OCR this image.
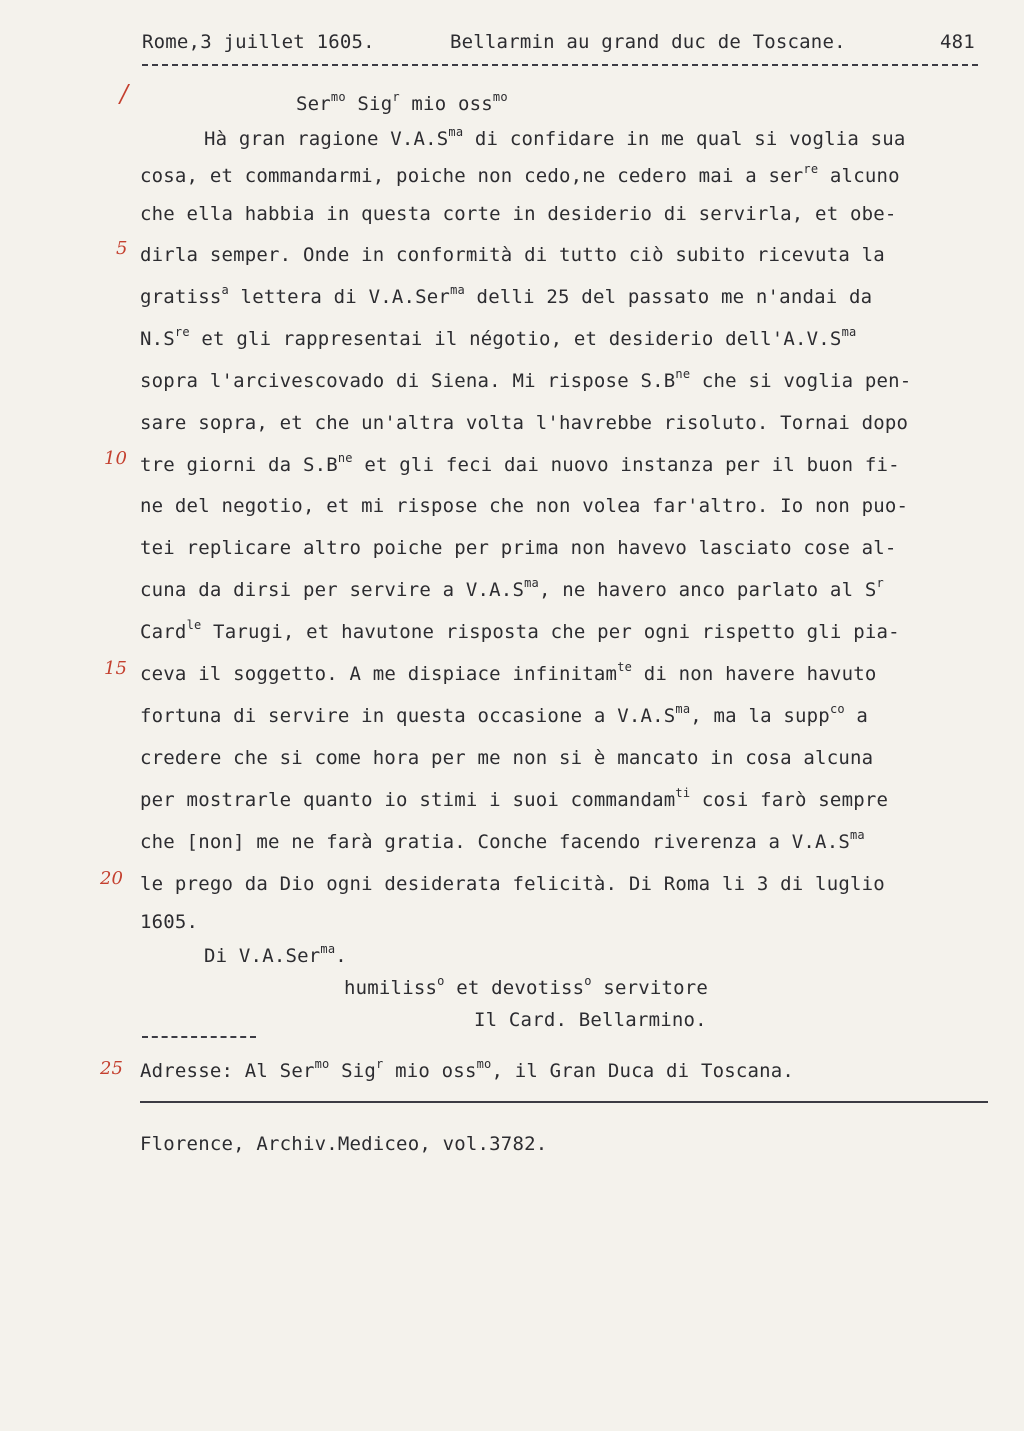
Rome,3 juillet 1605.	Bellarmin au grand duc de Toscane.	481
/
5
10
15
20
25
Ser$^{mo}$ Sig$^r$ mio oss$^{mo}$
Hà gran ragione $V.A.S^{ma}$ di confidare in me qual si voglia sua
cosa, et commandarmi, poiche non cedo,ne cedero mai a ser$^{re}$ alcuno
che ella habbia in questa corte in desiderio di servirla, et obe-
dirla semper. Onde in conformità di tutto ciò subito ricevuta la
gratiss$^a$ lettera di V.A.Ser$^{ma}$ delli 25 del passato me n'andai da
$N.S^{re}$ et gli rappresentai il négotio, et desiderio $dell'A.V.S^{ma}$
sopra l'arcivescovado di Siena. Mi rispose $S.B^{ne}$ che si voglia pen-
sare sopra, et che un'altra volta l'havrebbe risoluto. Tornai dopo
tre giorni da $S.B^{ne}$ et gli feci dai nuovo instanza per il buon fi-
ne del negotio, et mi rispose che non volea far'altro. Io non puo-
tei replicare altro poiche per prima non havevo lasciato cose al-
cuna da dirsi per servire a $V.A.S^{ma}$, ne havero anco parlato al $S^r$
Card$^{le}$ Tarugi, et havutone risposta che per ogni rispetto gli pia-
ceva il soggetto. A me dispiace infinitam$^{te}$ di non havere havuto
fortuna di servire in questa occasione a $V.A.S^{ma}$, ma la supp$^{co}$ a
credere che si come hora per me non si è mancato in cosa alcuna
per mostrarle quanto io stimi i suoi commandam$^{ti}$ cosi farò sempre
che [non] me ne farà gratia. Conche facendo riverenza a $V.A.S^{ma}$
le prego da Dio ogni desiderata felicità. Di Roma li 3 di luglio
1605.
Di V.A.Ser$^{ma}$.
humiliss$^o$ et devotiss$^o$ servitore
Il Card. Bellarmino.
Adresse: Al Ser$^{mo}$ Sig$^r$ mio oss$^{mo}$, il Gran Duca di Toscana.
Florence, Archiv.Mediceo, vol.3782.
